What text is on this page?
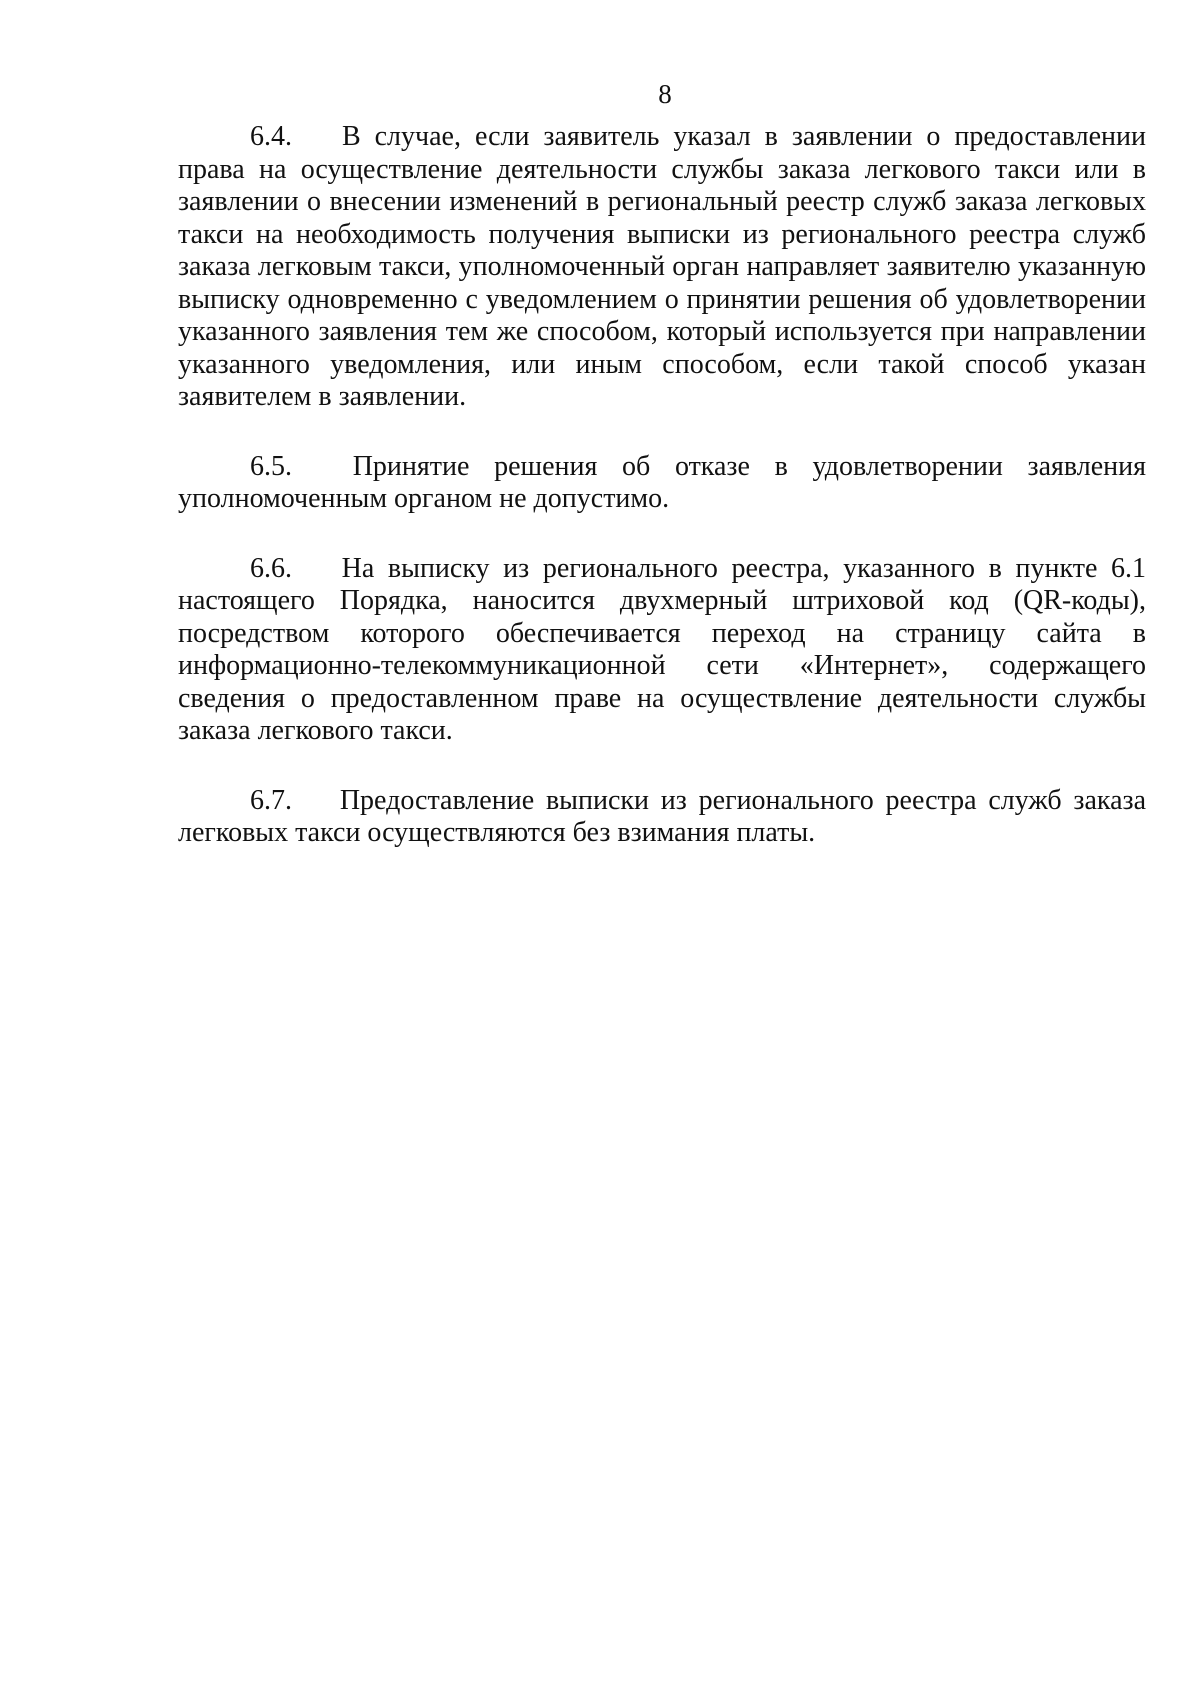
8

6.4. В случае, если заявитель указал в заявлении о предоставлении права на осуществление деятельности службы заказа легкового такси или в заявлении о внесении изменений в региональный реестр служб заказа легковых такси на необходимость получения выписки из регионального реестра служб заказа легковым такси, уполномоченный орган направляет заявителю указанную выписку одновременно с уведомлением о принятии решения об удовлетворении указанного заявления тем же способом, который используется при направлении указанного уведомления, или иным способом, если такой способ указан заявителем в заявлении.

6.5. Принятие решения об отказе в удовлетворении заявления уполномоченным органом не допустимо.

6.6. На выписку из регионального реестра, указанного в пункте 6.1 настоящего Порядка, наносится двухмерный штриховой код (QR-коды), посредством которого обеспечивается переход на страницу сайта в информационно-телекоммуникационной сети «Интернет», содержащего сведения о предоставленном праве на осуществление деятельности службы заказа легкового такси.

6.7. Предоставление выписки из регионального реестра служб заказа легковых такси осуществляются без взимания платы.
